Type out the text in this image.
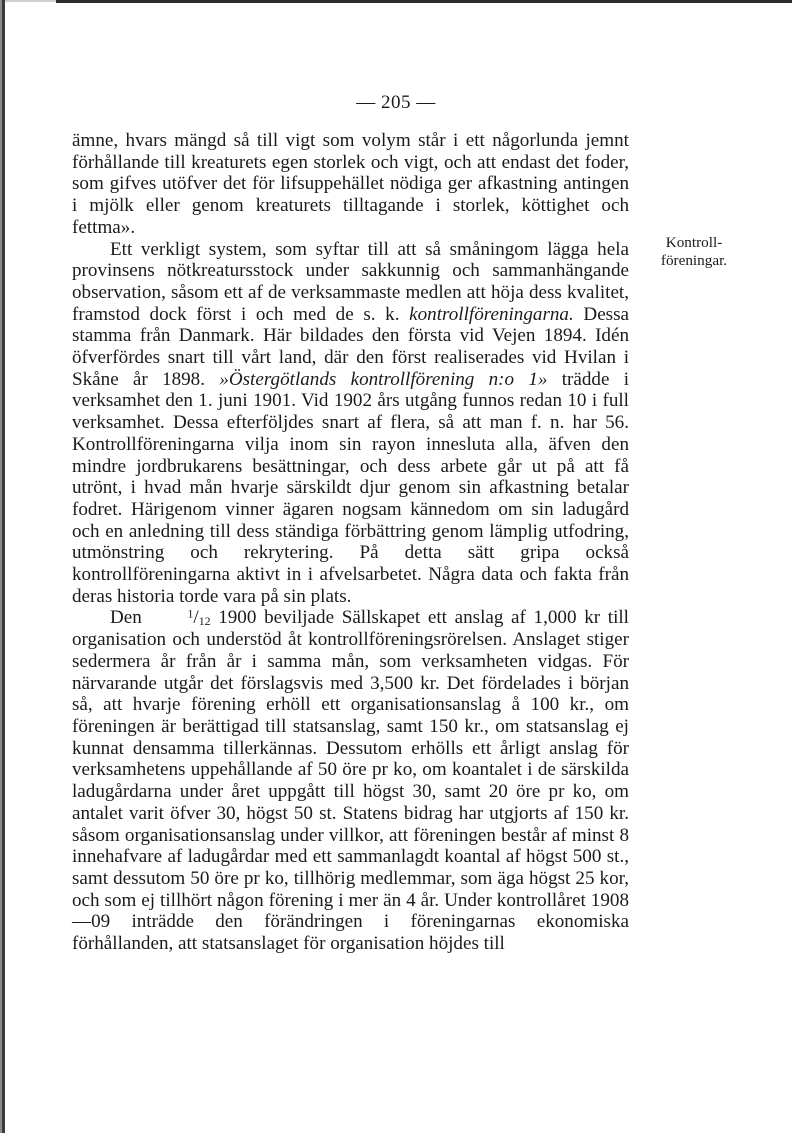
— 205 —
Kontroll-
föreningar.

ämne, hvars mängd så till vigt som volym står i ett någorlunda jemnt förhållande till kreaturets egen storlek och vigt, och att endast det foder, som gifves utöfver det för lifsuppehället nödiga ger afkastning antingen i mjölk eller genom kreaturets tilltagande i storlek, köttighet och fettma».

Ett verkligt system, som syftar till att så småningom lägga hela provinsens nötkreatursstock under sakkunnig och sammanhängande observation, såsom ett af de verksammaste medlen att höja dess kvalitet, framstod dock först i och med de s. k. kontrollföreningarna. Dessa stamma från Danmark. Här bildades den första vid Vejen 1894. Idén öfverfördes snart till vårt land, där den först realiserades vid Hvilan i Skåne år 1898. »Östergötlands kontrollförening n:o 1» trädde i verksamhet den 1. juni 1901. Vid 1902 års utgång funnos redan 10 i full verksamhet. Dessa efterföljdes snart af flera, så att man f. n. har 56. Kontrollföreningarna vilja inom sin rayon innesluta alla, äfven den mindre jordbrukarens besättningar, och dess arbete går ut på att få utrönt, i hvad mån hvarje särskildt djur genom sin afkastning betalar fodret. Härigenom vinner ägaren nogsam kännedom om sin ladugård och en anledning till dess ständiga förbättring genom lämplig utfodring, utmönstring och rekrytering. På detta sätt gripa också kontrollföreningarna aktivt in i afvelsarbetet. Några data och fakta från deras historia torde vara på sin plats.

Den	$^1/_{12}$ 1900 beviljade Sällskapet ett anslag af 1,000 kr till organisation och understöd åt kontrollföreningsrörelsen. Anslaget stiger sedermera år från år i samma mån, som verksamheten vidgas. För närvarande utgår det förslagsvis med 3,500 kr. Det fördelades i början så, att hvarje förening erhöll ett organisationsanslag å 100 kr., om föreningen är berättigad till statsanslag, samt 150 kr., om statsanslag ej kunnat densamma tillerkännas. Dessutom erhölls ett årligt anslag för verksamhetens uppehållande af 50 öre pr ko, om koantalet i de särskilda ladugårdarna under året uppgått till högst 30, samt 20 öre pr ko, om antalet varit öfver 30, högst 50 st. Statens bidrag har utgjorts af 150 kr. såsom organisationsanslag under villkor, att föreningen består af minst 8 innehafvare af ladugårdar med ett sammanlagdt koantal af högst 500 st., samt dessutom 50 öre pr ko, tillhörig medlemmar, som äga högst 25 kor, och som ej tillhört någon förening i mer än 4 år. Under kontrollåret 1908—09 inträdde den förändringen i föreningarnas ekonomiska förhållanden, att statsanslaget för organisation höjdes till
